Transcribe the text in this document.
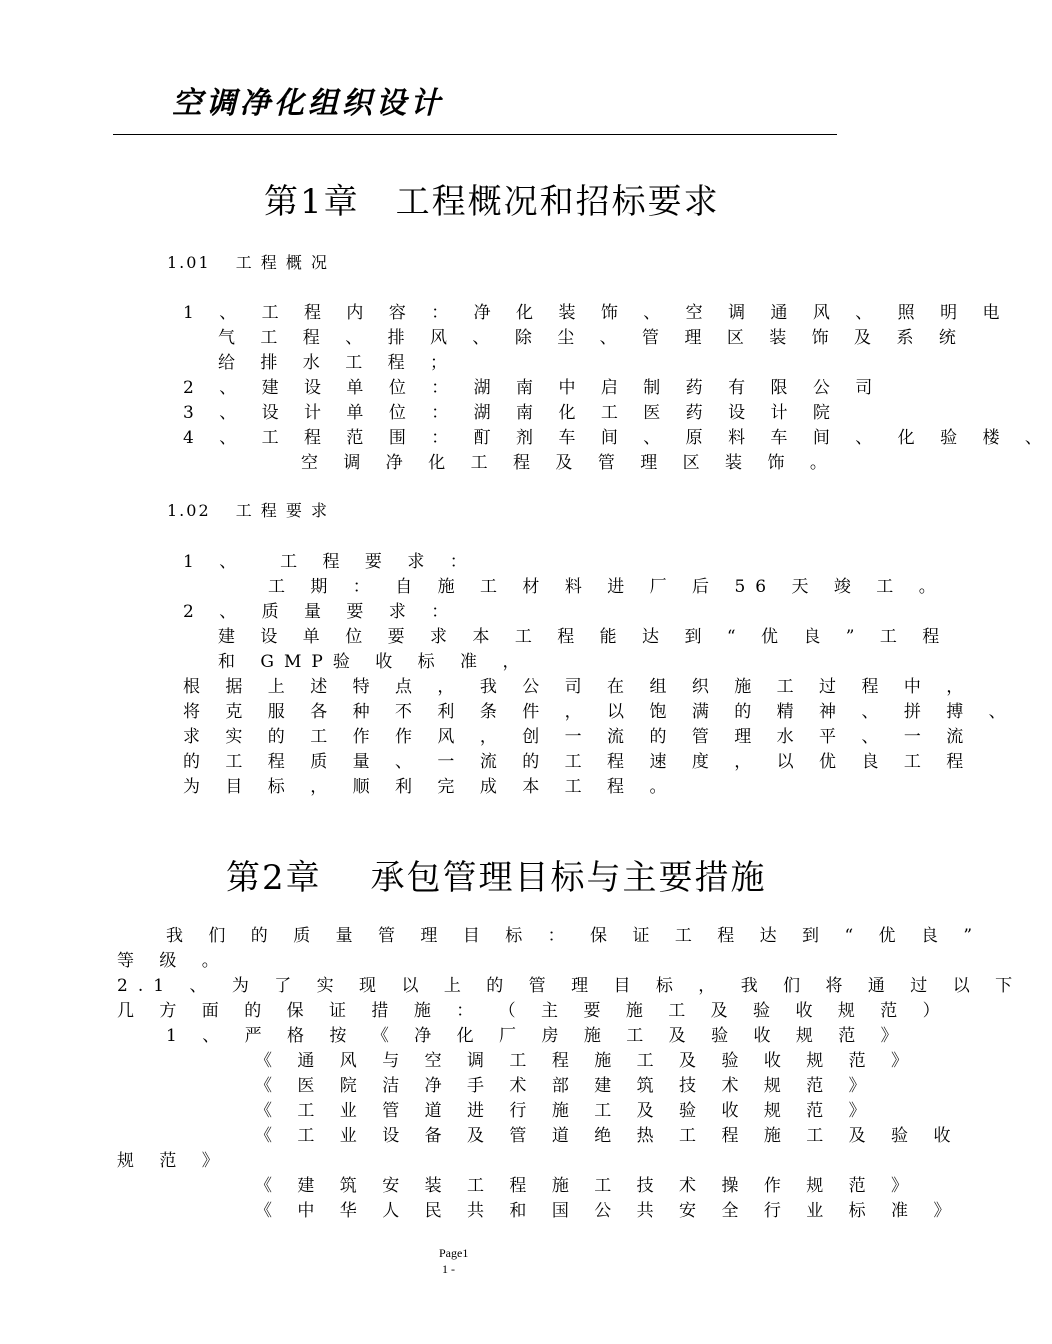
空调净化组织设计
第1章　工程概况和招标要求
1.01　 工 程 概 况
1 、 工 程 内 容 ： 净 化 装 饰 、 空 调 通 风 、 照 明 电
气 工 程 、 排 风 、 除 尘 、 管 理 区 装 饰 及 系 统
给 排 水 工 程 ；
2 、 建 设 单 位 ： 湖 南 中 启 制 药 有 限 公 司
3 、 设 计 单 位 ： 湖 南 化 工 医 药 设 计 院
4 、 工 程 范 围 ： 酊 剂 车 间 、 原 料 车 间 、 化 验 楼 、
空 调 净 化 工 程 及 管 理 区 装 饰 。
1.02　 工 程 要 求
1 、　 工 程 要 求 ：
工 期 ： 自 施 工 材 料 进 厂 后 56 天 竣 工 。
2 、 质 量 要 求 ：
建 设 单 位 要 求 本 工 程 能 达 到 “ 优 良 ” 工 程
和 GMP验 收 标 准 ，
根 据 上 述 特 点 ， 我 公 司 在 组 织 施 工 过 程 中 ，
将 克 服 各 种 不 利 条 件 ， 以 饱 满 的 精 神 、 拼 搏 、
求 实 的 工 作 作 风 ， 创 一 流 的 管 理 水 平 、 一 流
的 工 程 质 量 、 一 流 的 工 程 速 度 ， 以 优 良 工 程
为 目 标 ， 顺 利 完 成 本 工 程 。
第2章　 承包管理目标与主要措施
我 们 的 质 量 管 理 目 标 ： 保 证 工 程 达 到 “ 优 良 ”
等 级 。
2.1 、 为 了 实 现 以 上 的 管 理 目 标 ， 我 们 将 通 过 以 下
几 方 面 的 保 证 措 施 ： （ 主 要 施 工 及 验 收 规 范 ）
1 、 严 格 按 《 净 化 厂 房 施 工 及 验 收 规 范 》
《 通 风 与 空 调 工 程 施 工 及 验 收 规 范 》
《 医 院 洁 净 手 术 部 建 筑 技 术 规 范 》
《 工 业 管 道 进 行 施 工 及 验 收 规 范 》
《 工 业 设 备 及 管 道 绝 热 工 程 施 工 及 验 收
规 范 》
《 建 筑 安 装 工 程 施 工 技 术 操 作 规 范 》
《 中 华 人 民 共 和 国 公 共 安 全 行 业 标 准 》
Page1
1 -
